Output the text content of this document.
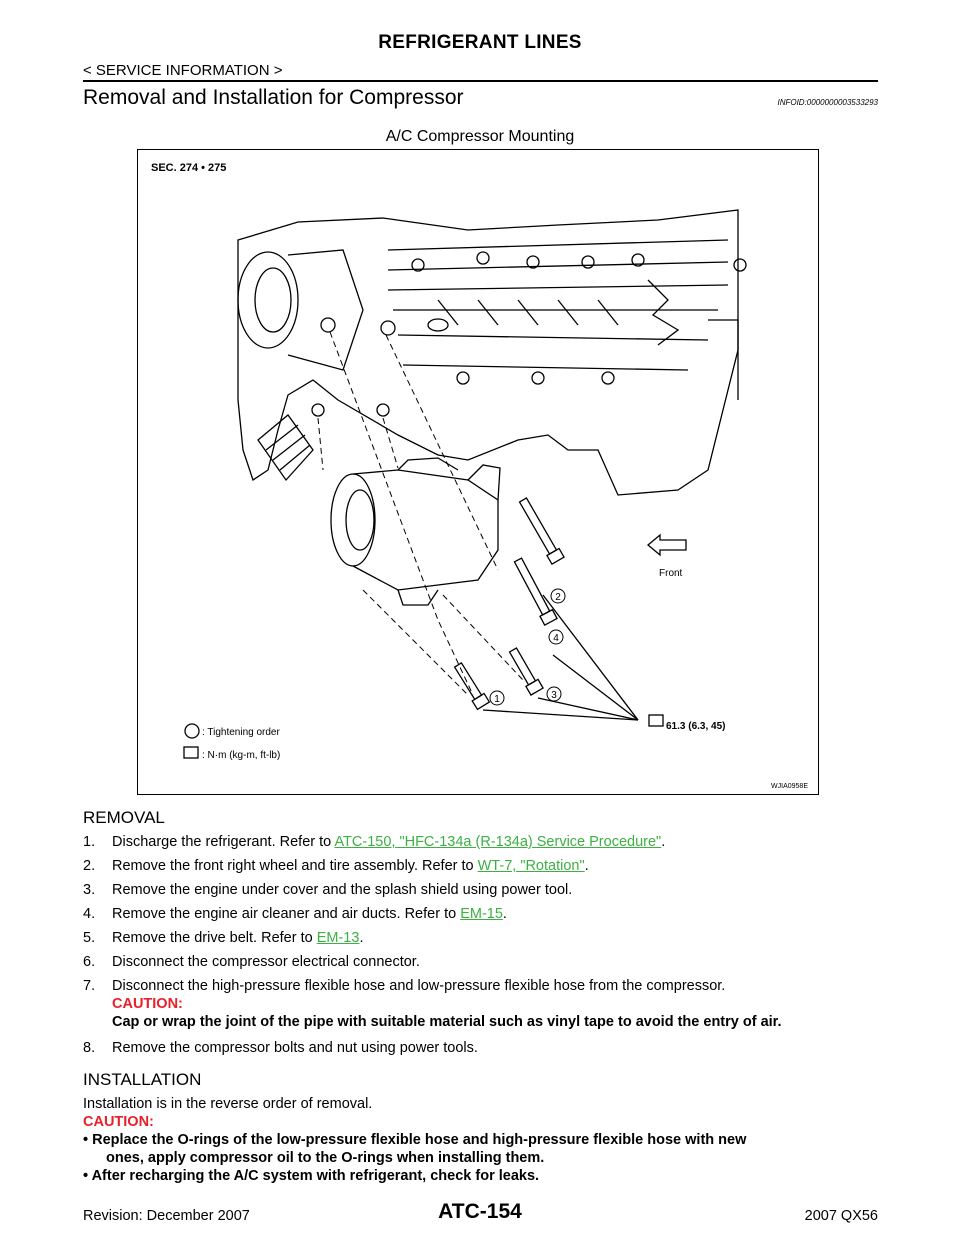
REFRIGERANT LINES
< SERVICE INFORMATION >
Removal and Installation for Compressor	INFOID:0000000003533293
A/C Compressor Mounting
SEC. 274 • 275
2
4
1	3
Front
61.3 (6.3, 45)
: Tightening order
: N·m (kg-m, ft-lb)
WJIA0958E
REMOVAL
1. Discharge the refrigerant. Refer to ATC-150, "HFC-134a (R-134a) Service Procedure".
2. Remove the front right wheel and tire assembly. Refer to WT-7, "Rotation".
3. Remove the engine under cover and the splash shield using power tool.
4. Remove the engine air cleaner and air ducts. Refer to EM-15.
5. Remove the drive belt. Refer to EM-13.
6. Disconnect the compressor electrical connector.
7. Disconnect the high-pressure flexible hose and low-pressure flexible hose from the compressor.
CAUTION:
Cap or wrap the joint of the pipe with suitable material such as vinyl tape to avoid the entry of air.
8. Remove the compressor bolts and nut using power tools.
INSTALLATION
Installation is in the reverse order of removal.
CAUTION:
• Replace the O-rings of the low-pressure flexible hose and high-pressure flexible hose with new
ones, apply compressor oil to the O-rings when installing them.
• After recharging the A/C system with refrigerant, check for leaks.
Revision: December 2007	ATC-154	2007 QX56
